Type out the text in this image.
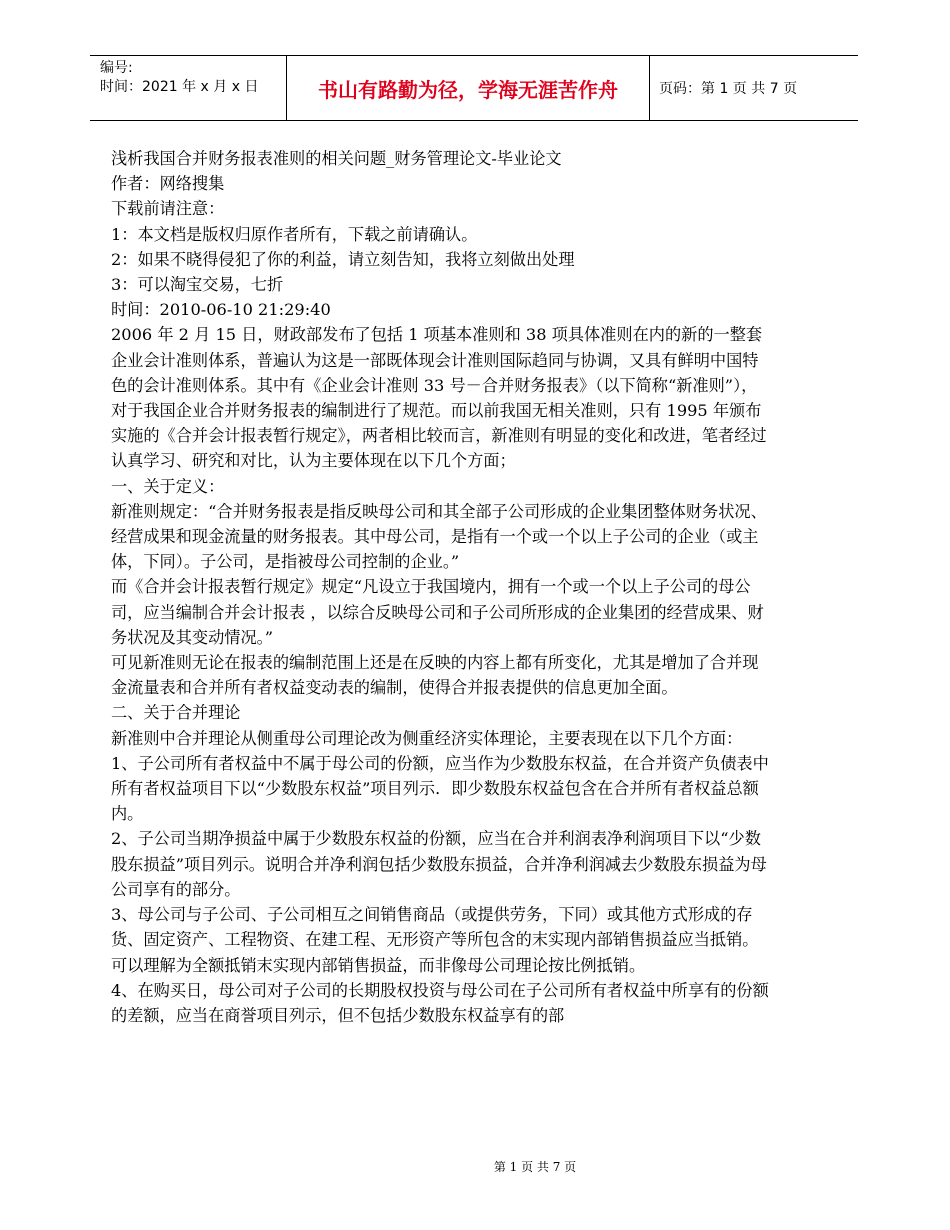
编号:
时间：2021 年 x 月 x 日	书山有路勤为径，学海无涯苦作舟	页码：第 1 页 共 7 页

浅析我国合并财务报表准则的相关问题_财务管理论文-毕业论文

作者：网络搜集

下载前请注意：

1：本文档是版权归原作者所有，下载之前请确认。

2：如果不晓得侵犯了你的利益，请立刻告知，我将立刻做出处理

3：可以淘宝交易，七折

时间：2010-06-10 21:29:40

2006 年 2 月 15 日，财政部发布了包括 1 项基本准则和 38 项具体准则在内的新的一整套企业会计准则体系，普遍认为这是一部既体现会计准则国际趋同与协调，又具有鲜明中国特色的会计准则体系。其中有《企业会计准则 33 号－合并财务报表》（以下简称“新准则”），对于我国企业合并财务报表的编制进行了规范。而以前我国无相关准则，只有 1995 年颁布实施的《合并会计报表暂行规定》，两者相比较而言，新准则有明显的变化和改进，笔者经过认真学习、研究和对比，认为主要体现在以下几个方面；

一、关于定义：

新准则规定：“合并财务报表是指反映母公司和其全部子公司形成的企业集团整体财务状况、经营成果和现金流量的财务报表。其中母公司，是指有一个或一个以上子公司的企业（或主体，下同）。子公司，是指被母公司控制的企业。”

而《合并会计报表暂行规定》规定“凡设立于我国境内，拥有一个或一个以上子公司的母公司，应当编制合并会计报表 ，以综合反映母公司和子公司所形成的企业集团的经营成果、财务状况及其变动情况。”

可见新准则无论在报表的编制范围上还是在反映的内容上都有所变化，尤其是增加了合并现金流量表和合并所有者权益变动表的编制，使得合并报表提供的信息更加全面。

二、关于合并理论

新准则中合并理论从侧重母公司理论改为侧重经济实体理论，主要表现在以下几个方面：

1、子公司所有者权益中不属于母公司的份额，应当作为少数股东权益，在合并资产负债表中所有者权益项目下以“少数股东权益”项目列示．即少数股东权益包含在合并所有者权益总额内。

2、子公司当期净损益中属于少数股东权益的份额，应当在合并利润表净利润项目下以“少数股东损益”项目列示。说明合并净利润包括少数股东损益，合并净利润减去少数股东损益为母公司享有的部分。

3、母公司与子公司、子公司相互之间销售商品（或提供劳务，下同）或其他方式形成的存货、固定资产、工程物资、在建工程、无形资产等所包含的末实现内部销售损益应当抵销。可以理解为全额抵销末实现内部销售损益，而非像母公司理论按比例抵销。

4、在购买日，母公司对子公司的长期股权投资与母公司在子公司所有者权益中所享有的份额的差额，应当在商誉项目列示，但不包括少数股东权益享有的部

第 1 页 共 7 页
